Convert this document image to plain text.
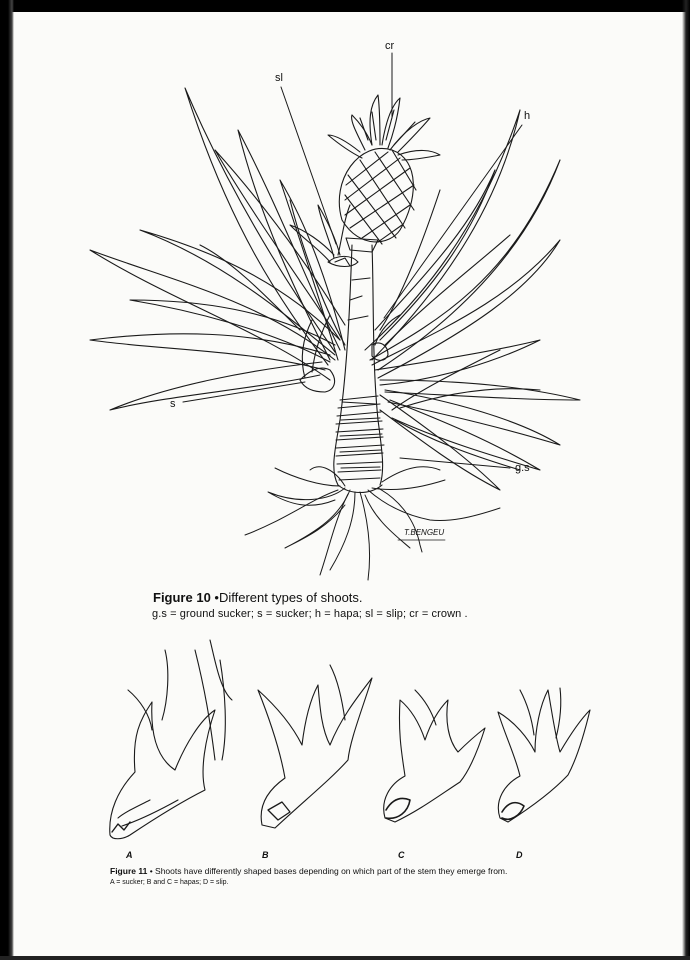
cr
sl
h
s
g.s
T.BENGEU
Figure 10 •Different types of shoots.
g.s = ground sucker; s = sucker; h = hapa; sl = slip; cr = crown .
A	B	C	D
Figure 11 • Shoots have differently shaped bases depending on which part of the stem they emerge from.
A = sucker; B and C = hapas; D = slip.
